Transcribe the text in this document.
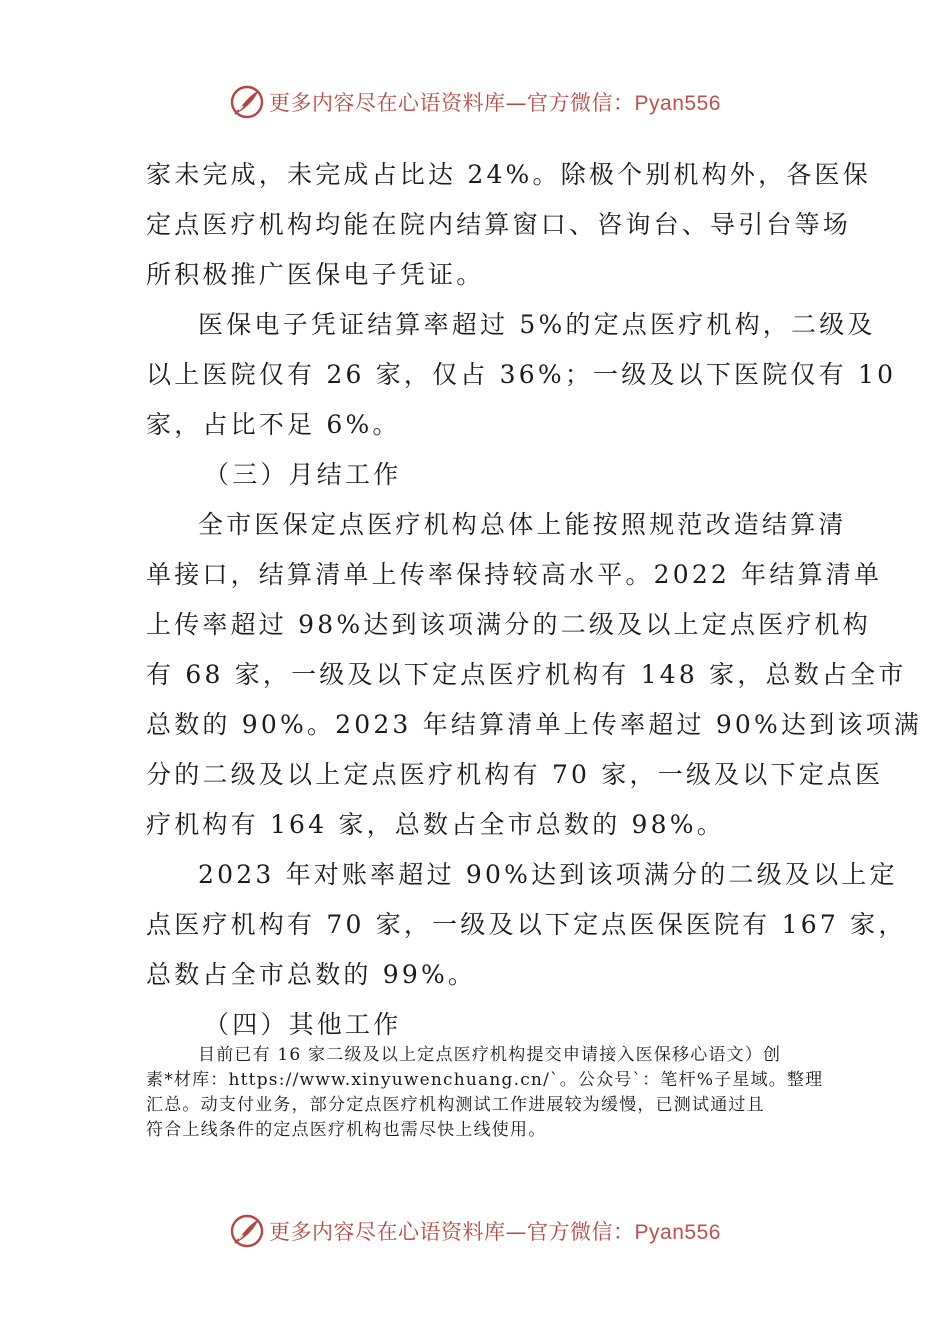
更多内容尽在心语资料库—官方微信：Pyan556
家未完成，未完成占比达 24%。除极个别机构外，各医保
定点医疗机构均能在院内结算窗口、咨询台、导引台等场
所积极推广医保电子凭证。
医保电子凭证结算率超过 5%的定点医疗机构，二级及
以上医院仅有 26 家，仅占 36%；一级及以下医院仅有 10
家，占比不足 6%。
（三）月结工作
全市医保定点医疗机构总体上能按照规范改造结算清
单接口，结算清单上传率保持较高水平。2022 年结算清单
上传率超过 98%达到该项满分的二级及以上定点医疗机构
有 68 家，一级及以下定点医疗机构有 148 家，总数占全市
总数的 90%。2023 年结算清单上传率超过 90%达到该项满
分的二级及以上定点医疗机构有 70 家，一级及以下定点医
疗机构有 164 家，总数占全市总数的 98%。
2023 年对账率超过 90%达到该项满分的二级及以上定
点医疗机构有 70 家，一级及以下定点医保医院有 167 家，
总数占全市总数的 99%。
（四）其他工作
目前已有 16 家二级及以上定点医疗机构提交申请接入医保移心语文）创
素*材库：https://www.xinyuwenchuang.cn/`。公众号`：笔杆%子星域。整理
汇总。动支付业务，部分定点医疗机构测试工作进展较为缓慢，已测试通过且
符合上线条件的定点医疗机构也需尽快上线使用。
更多内容尽在心语资料库—官方微信：Pyan556
